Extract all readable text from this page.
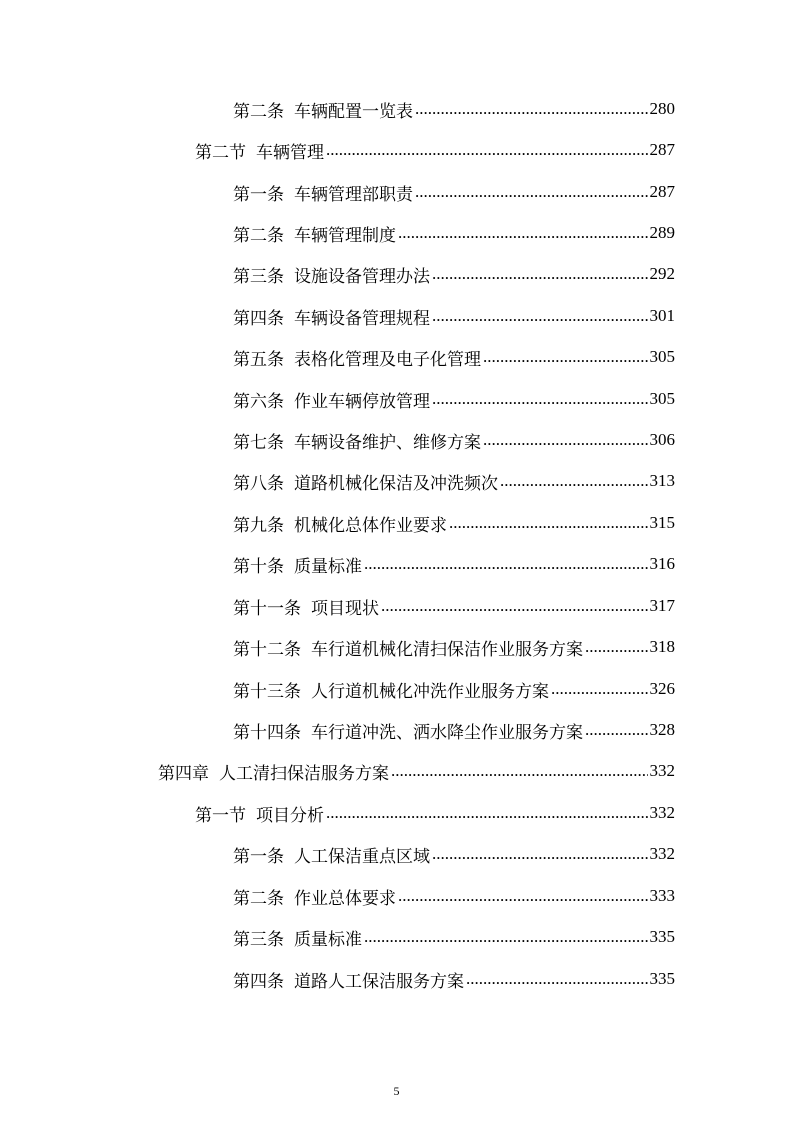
第二条 车辆配置一览表 .....	280
第二节 车辆管理 .....	287
第一条 车辆管理部职责 .....	287
第二条 车辆管理制度 .....	289
第三条 设施设备管理办法 .....	292
第四条 车辆设备管理规程 .....	301
第五条 表格化管理及电子化管理 .....	305
第六条 作业车辆停放管理 .....	305
第七条 车辆设备维护、维修方案 .....	306
第八条 道路机械化保洁及冲洗频次 .....	313
第九条 机械化总体作业要求 .....	315
第十条 质量标准 .....	316
第十一条 项目现状 .....	317
第十二条 车行道机械化清扫保洁作业服务方案 .....	318
第十三条 人行道机械化冲洗作业服务方案 .....	326
第十四条 车行道冲洗、洒水降尘作业服务方案 .....	328
第四章 人工清扫保洁服务方案 .....	332
第一节 项目分析 .....	332
第一条 人工保洁重点区域 .....	332
第二条 作业总体要求 .....	333
第三条 质量标准 .....	335
第四条 道路人工保洁服务方案 .....	335
5
